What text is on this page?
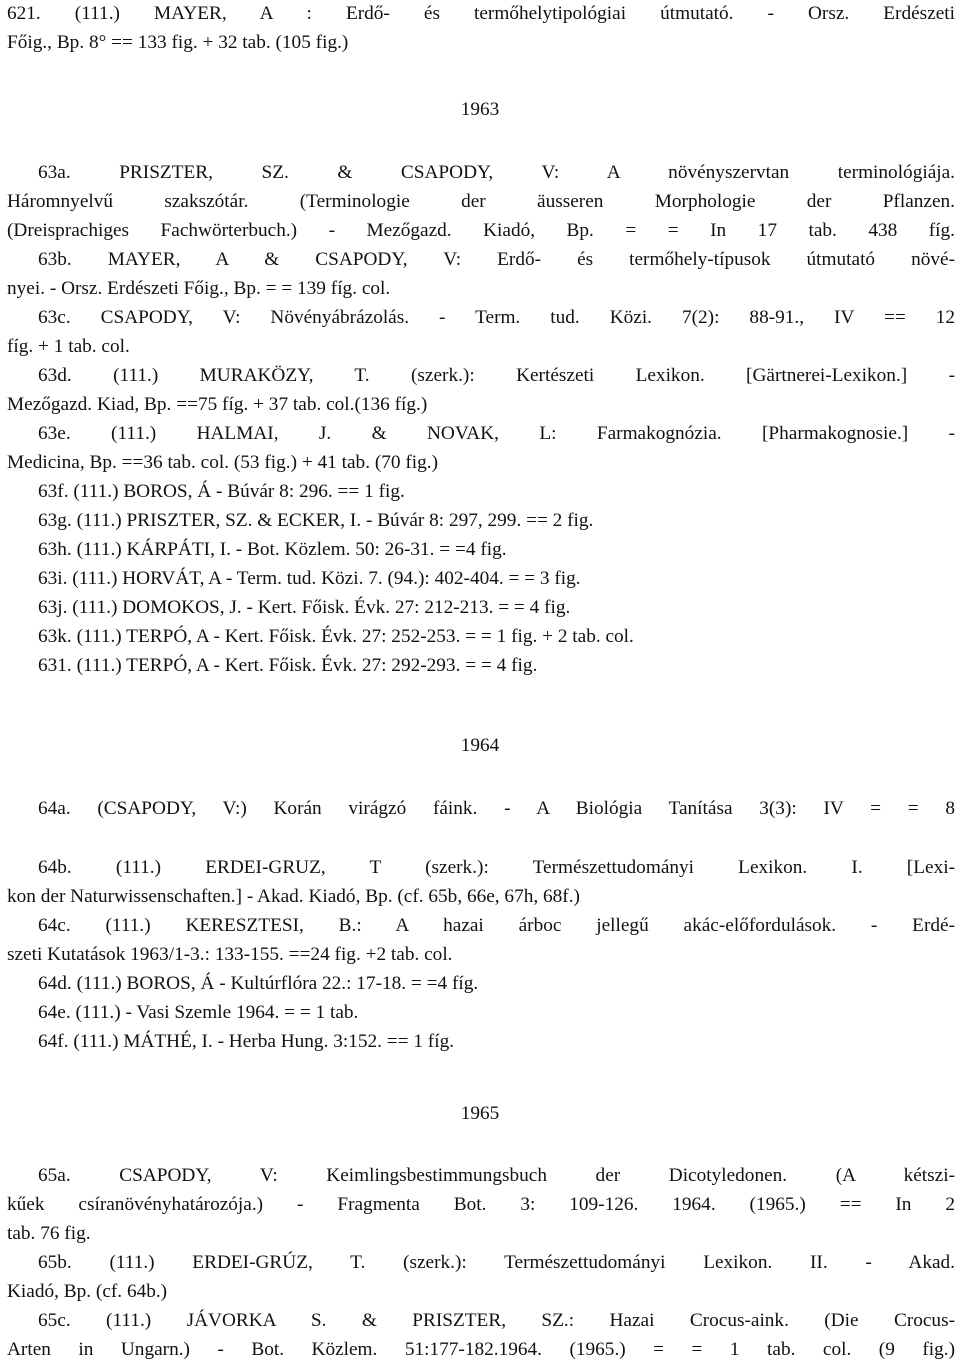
621. (111.) MAYER, A : Erdő- és termőhelytipológiai útmutató. - Orsz. Erdészeti
Főig., Bp. 8° == 133 fig. + 32 tab. (105 fig.)
1963
63a. PRISZTER, SZ. & CSAPODY, V: A növényszervtan terminológiája.
Háromnyelvű szakszótár. (Terminologie der äusseren Morphologie der Pflanzen.
(Dreisprachiges Fachwörterbuch.) - Mezőgazd. Kiadó, Bp. = = In 17 tab. 438 fíg.
63b. MAYER, A & CSAPODY, V: Erdő- és termőhely-típusok útmutató növé-
nyei. - Orsz. Erdészeti Főig., Bp. = = 139 fíg. col.
63c. CSAPODY, V: Növényábrázolás. - Term. tud. Közi. 7(2): 88-91., IV == 12
fíg. + 1 tab. col.
63d. (111.) MURAKÖZY, T. (szerk.): Kertészeti Lexikon. [Gärtnerei-Lexikon.] -
Mezőgazd. Kiad, Bp. ==75 fíg. + 37 tab. col.(136 fíg.)
63e. (111.) HALMAI, J. & NOVAK, L: Farmakognózia. [Pharmakognosie.] -
Medicina, Bp. ==36 tab. col. (53 fig.) + 41 tab. (70 fig.)
63f. (111.) BOROS, Á - Búvár 8: 296. == 1 fig.
63g. (111.) PRISZTER, SZ. & ECKER, I. - Búvár 8: 297, 299. == 2 fig.
63h. (111.) KÁRPÁTI, I. - Bot. Közlem. 50: 26-31. = =4 fig.
63i. (111.) HORVÁT, A - Term. tud. Közi. 7. (94.): 402-404. = = 3 fig.
63j. (111.) DOMOKOS, J. - Kert. Főisk. Évk. 27: 212-213. = = 4 fig.
63k. (111.) TERPÓ, A - Kert. Főisk. Évk. 27: 252-253. = = 1 fig. + 2 tab. col.
631. (111.) TERPÓ, A - Kert. Főisk. Évk. 27: 292-293. = = 4 fig.
1964
64a. (CSAPODY, V:) Korán virágzó fáink. - A Biológia Tanítása 3(3): IV = = 8
64b. (111.) ERDEI-GRUZ, T (szerk.): Természettudományi Lexikon. I. [Lexi-
kon der Naturwissenschaften.] - Akad. Kiadó, Bp. (cf. 65b, 66e, 67h, 68f.)
64c. (111.) KERESZTESI, B.: A hazai árboc jellegű akác-előfordulások. - Erdé-
szeti Kutatások 1963/1-3.: 133-155. ==24 fig. +2 tab. col.
64d. (111.) BOROS, Á - Kultúrflóra 22.: 17-18. = =4 fíg.
64e. (111.) - Vasi Szemle 1964. = = 1 tab.
64f. (111.) MÁTHÉ, I. - Herba Hung. 3:152. == 1 fíg.
1965
65a. CSAPODY, V: Keimlingsbestimmungsbuch der Dicotyledonen. (A kétszi-
kűek csíranövényhatározója.) - Fragmenta Bot. 3: 109-126. 1964. (1965.) == In 2
tab. 76 fig.
65b. (111.) ERDEI-GRÚZ, T. (szerk.): Természettudományi Lexikon. II. - Akad.
Kiadó, Bp. (cf. 64b.)
65c. (111.) JÁVORKA S. & PRISZTER, SZ.: Hazai Crocus-aink. (Die Crocus-
Arten in Ungarn.) - Bot. Közlem. 51:177-182.1964. (1965.) = = 1 tab. col. (9 fig.)
